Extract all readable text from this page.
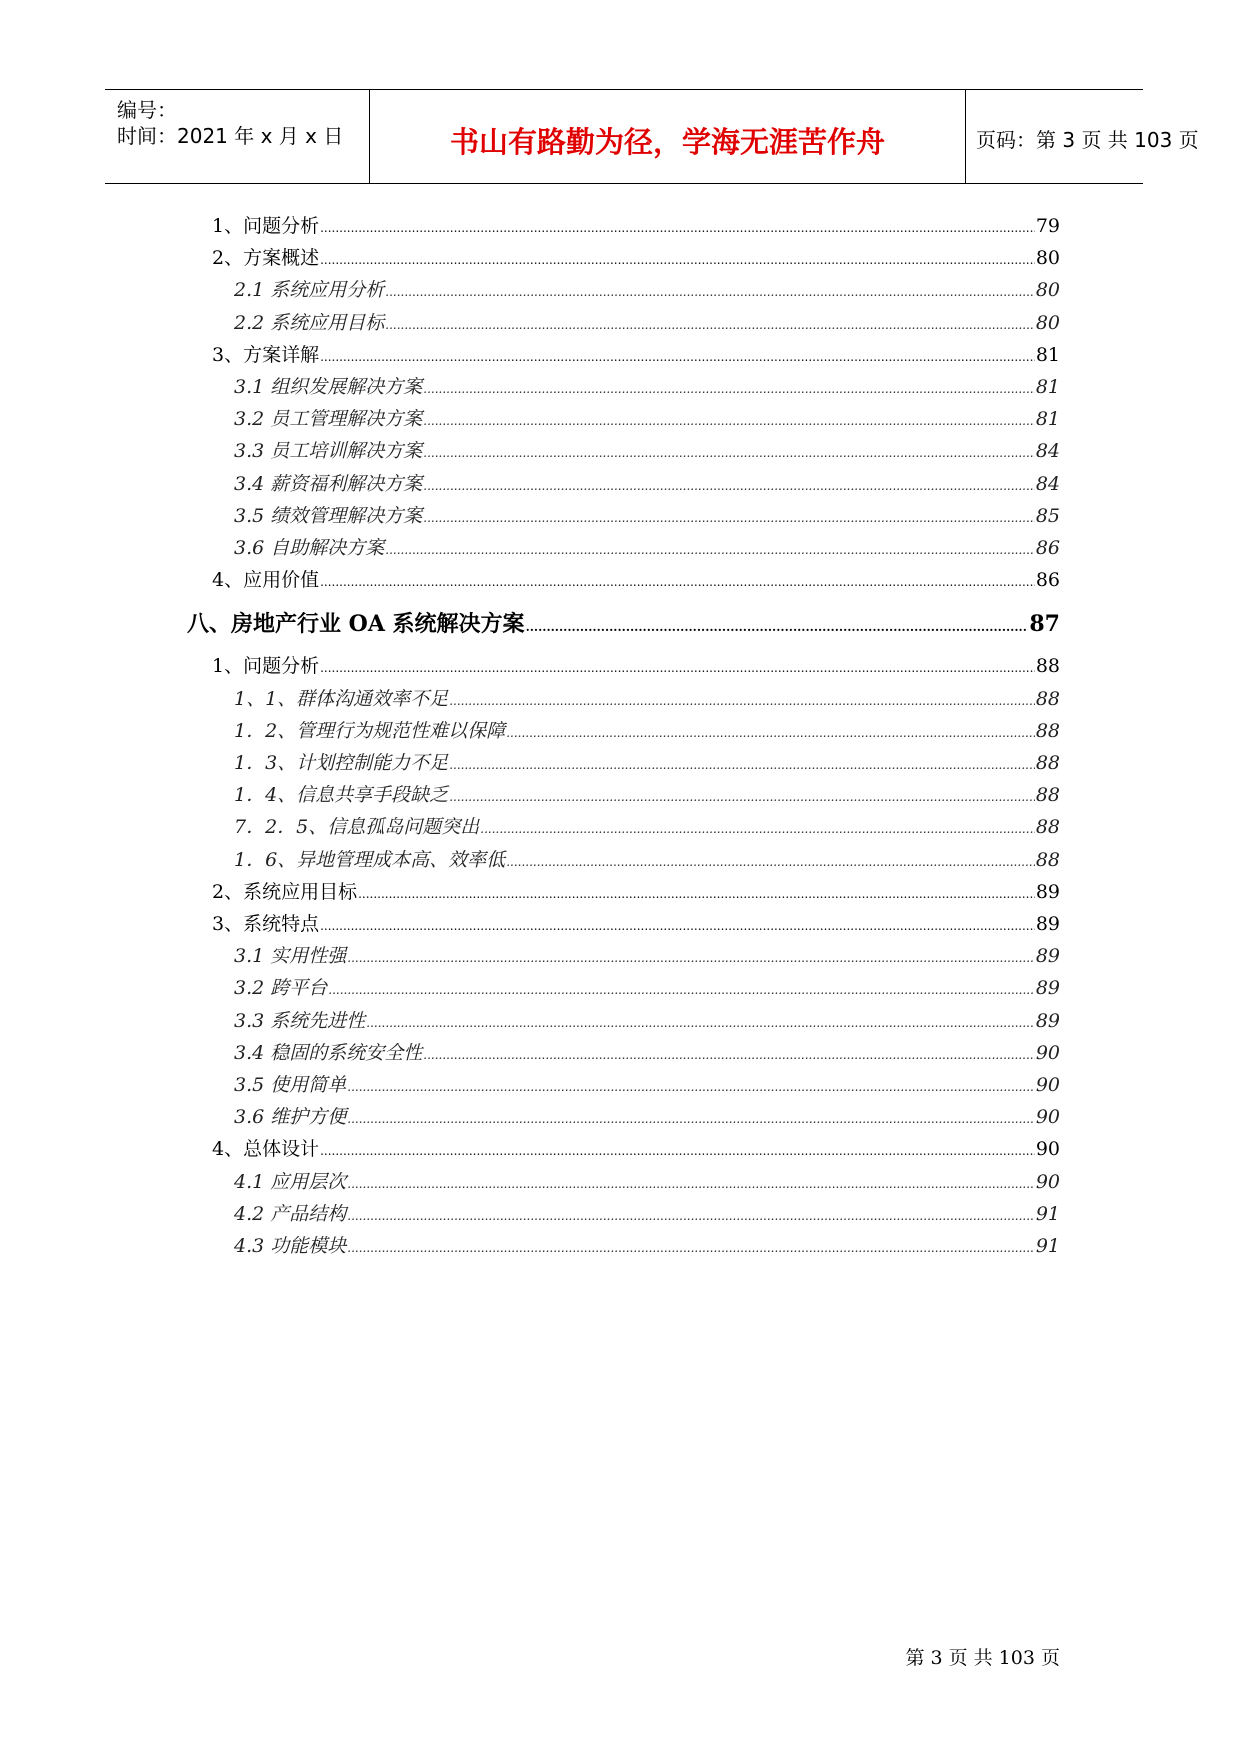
编号：
时间：2021 年 x 月 x 日	书山有路勤为径，学海无涯苦作舟	页码：第 3 页 共 103 页
1、问题分析 .....	79
2、方案概述 .....	80
2.1 系统应用分析 .....	80
2.2 系统应用目标 .....	80
3、方案详解 .....	81
3.1 组织发展解决方案 .....	81
3.2 员工管理解决方案 .....	81
3.3 员工培训解决方案 .....	84
3.4 薪资福利解决方案 .....	84
3.5 绩效管理解决方案 .....	85
3.6 自助解决方案 .....	86
4、应用价值 .....	86
八、房地产行业 OA 系统解决方案 .....	87
1、问题分析 .....	88
1、1、群体沟通效率不足 .....	88
1．2、管理行为规范性难以保障 .....	88
1．3、计划控制能力不足 .....	88
1．4、信息共享手段缺乏 .....	88
7．2．5、信息孤岛问题突出 .....	88
1．6、异地管理成本高、效率低 .....	88
2、系统应用目标 .....	89
3、系统特点 .....	89
3.1 实用性强 .....	89
3.2 跨平台 .....	89
3.3 系统先进性 .....	89
3.4 稳固的系统安全性 .....	90
3.5 使用简单 .....	90
3.6 维护方便 .....	90
4、总体设计 .....	90
4.1 应用层次 .....	90
4.2 产品结构 .....	91
4.3 功能模块 .....	91
第 3 页 共 103 页
